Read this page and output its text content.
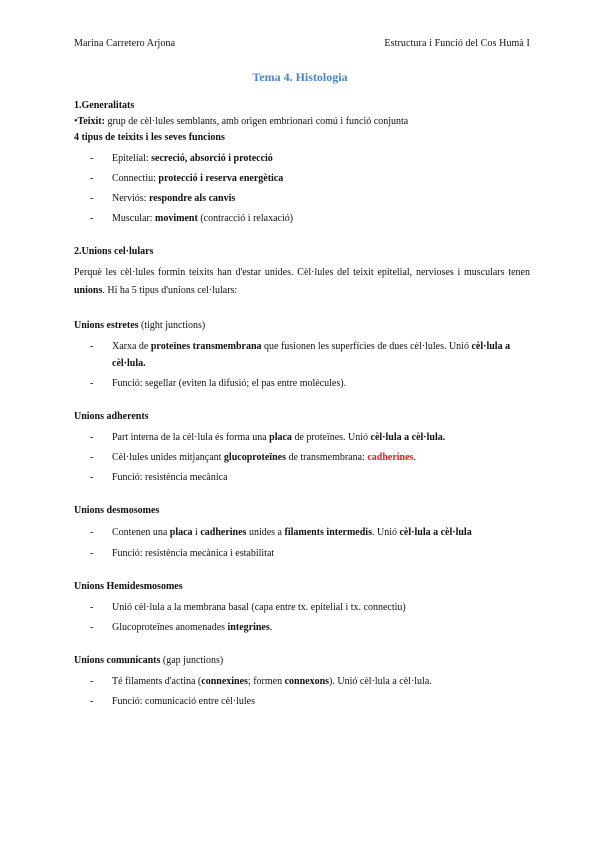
Marina Carretero Arjona	Estructura i Funció del Cos Humà I
Tema 4. Histologia

1.Generalitats

•Teixit: grup de cèl·lules semblants, amb origen embrionari comú i funció conjunta

4 tipus de teixits i les seves funcions

- Epitelial: secreció, absorció i protecció
- Connectiu: protecció i reserva energètica
- Nerviós: respondre als canvis
- Muscular: moviment (contracció i relaxació)

2.Unions cel·lulars

Perquè les cèl·lules formin teixits han d'estar unides. Cèl·lules del teixit epitelial, nervioses i musculars tenen unions. Hi ha 5 tipus d'unions cel·lulars:

Unions estretes (tight junctions)

- Xarxa de proteïnes transmembrana que fusionen les superfícies de dues cèl·lules. Unió cèl·lula a cèl·lula.
- Funció: segellar (eviten la difusió; el pas entre molècules).

Unions adherents

- Part interna de la cèl·lula és forma una placa de proteïnes. Unió cèl·lula a cèl·lula.
- Cèl·lules unides mitjançant glucoproteïnes de transmembrana: cadherines.
- Funció: resistència mecànica

Unions desmosomes

- Contenen una placa i cadherines unides a filaments intermedis. Unió cèl·lula a cèl·lula
- Funció: resistència mecànica i estabilitat

Unions Hemidesmosomes

- Unió cèl·lula a la membrana basal (capa entre tx. epitelial i tx. connectiu)
- Glucoproteïnes anomenades integrines.

Unions comunicants (gap junctions)

- Té filaments d'actina (connexines; formen connexons). Unió cèl·lula a cèl·lula.
- Funció: comunicació entre cèl·lules
